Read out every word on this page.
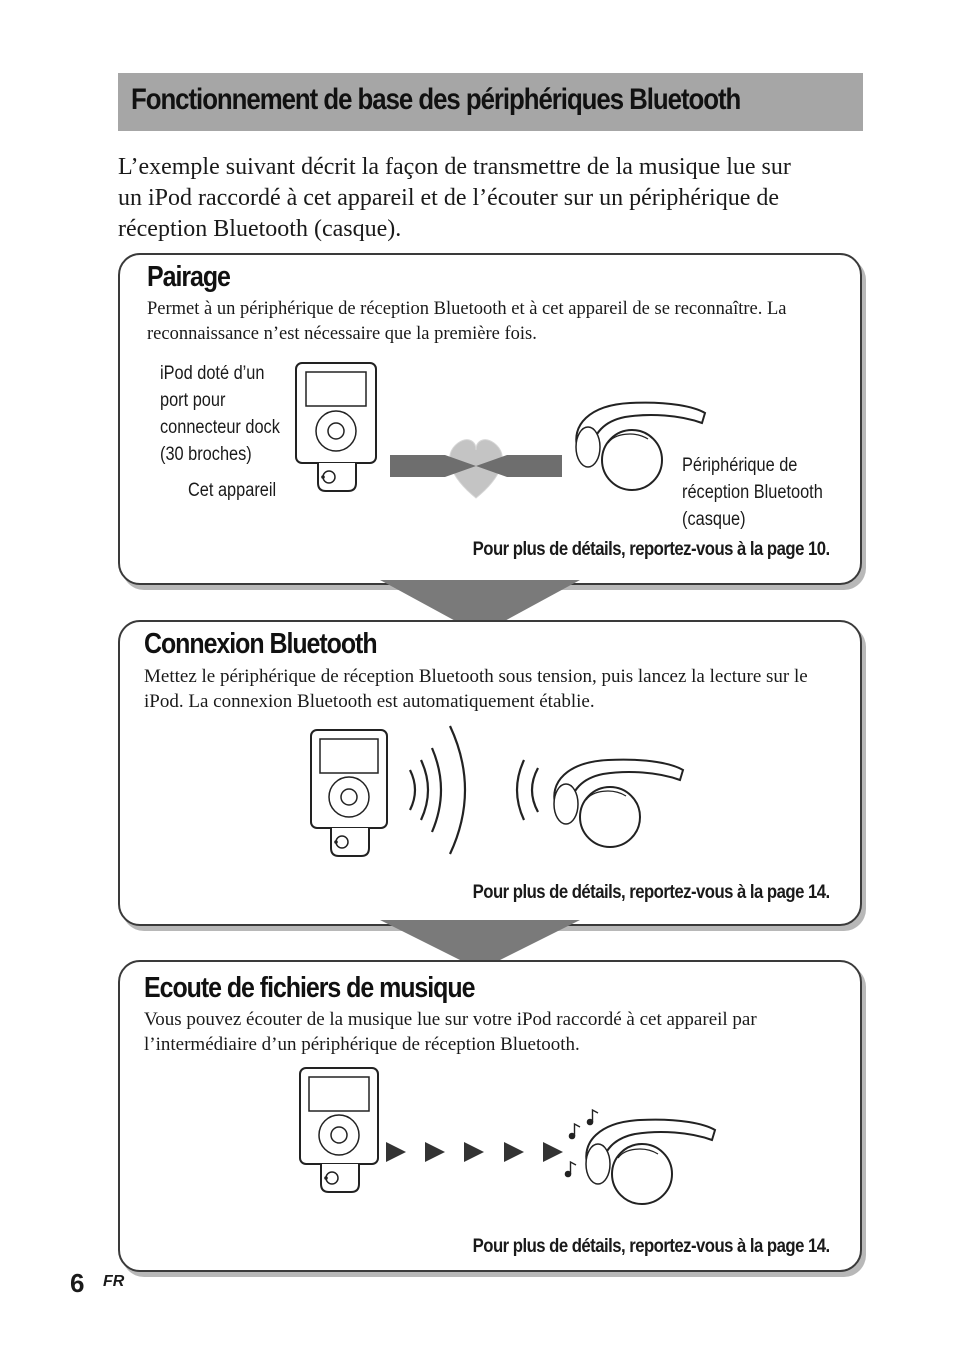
Fonctionnement de base des périphériques Bluetooth

L’exemple suivant décrit la façon de transmettre de la musique lue sur un iPod raccordé à cet appareil et de l’écouter sur un périphérique de réception Bluetooth (casque).

Pairage

Permet à un périphérique de réception Bluetooth et à cet appareil de se reconnaître. La reconnaissance n’est nécessaire que la première fois.

iPod doté d’un
port pour
connecteur dock
(30 broches)
Cet appareil
Périphérique de
réception Bluetooth
(casque)

Pour plus de détails, reportez-vous à la page 10.

Connexion Bluetooth

Mettez le périphérique de réception Bluetooth sous tension, puis lancez la lecture sur le iPod. La connexion Bluetooth est automatiquement établie.

Pour plus de détails, reportez-vous à la page 14.

Ecoute de fichiers de musique

Vous pouvez écouter de la musique lue sur votre iPod raccordé à cet appareil par l’intermédiaire d’un périphérique de réception Bluetooth.

Pour plus de détails, reportez-vous à la page 14.

6 FR
